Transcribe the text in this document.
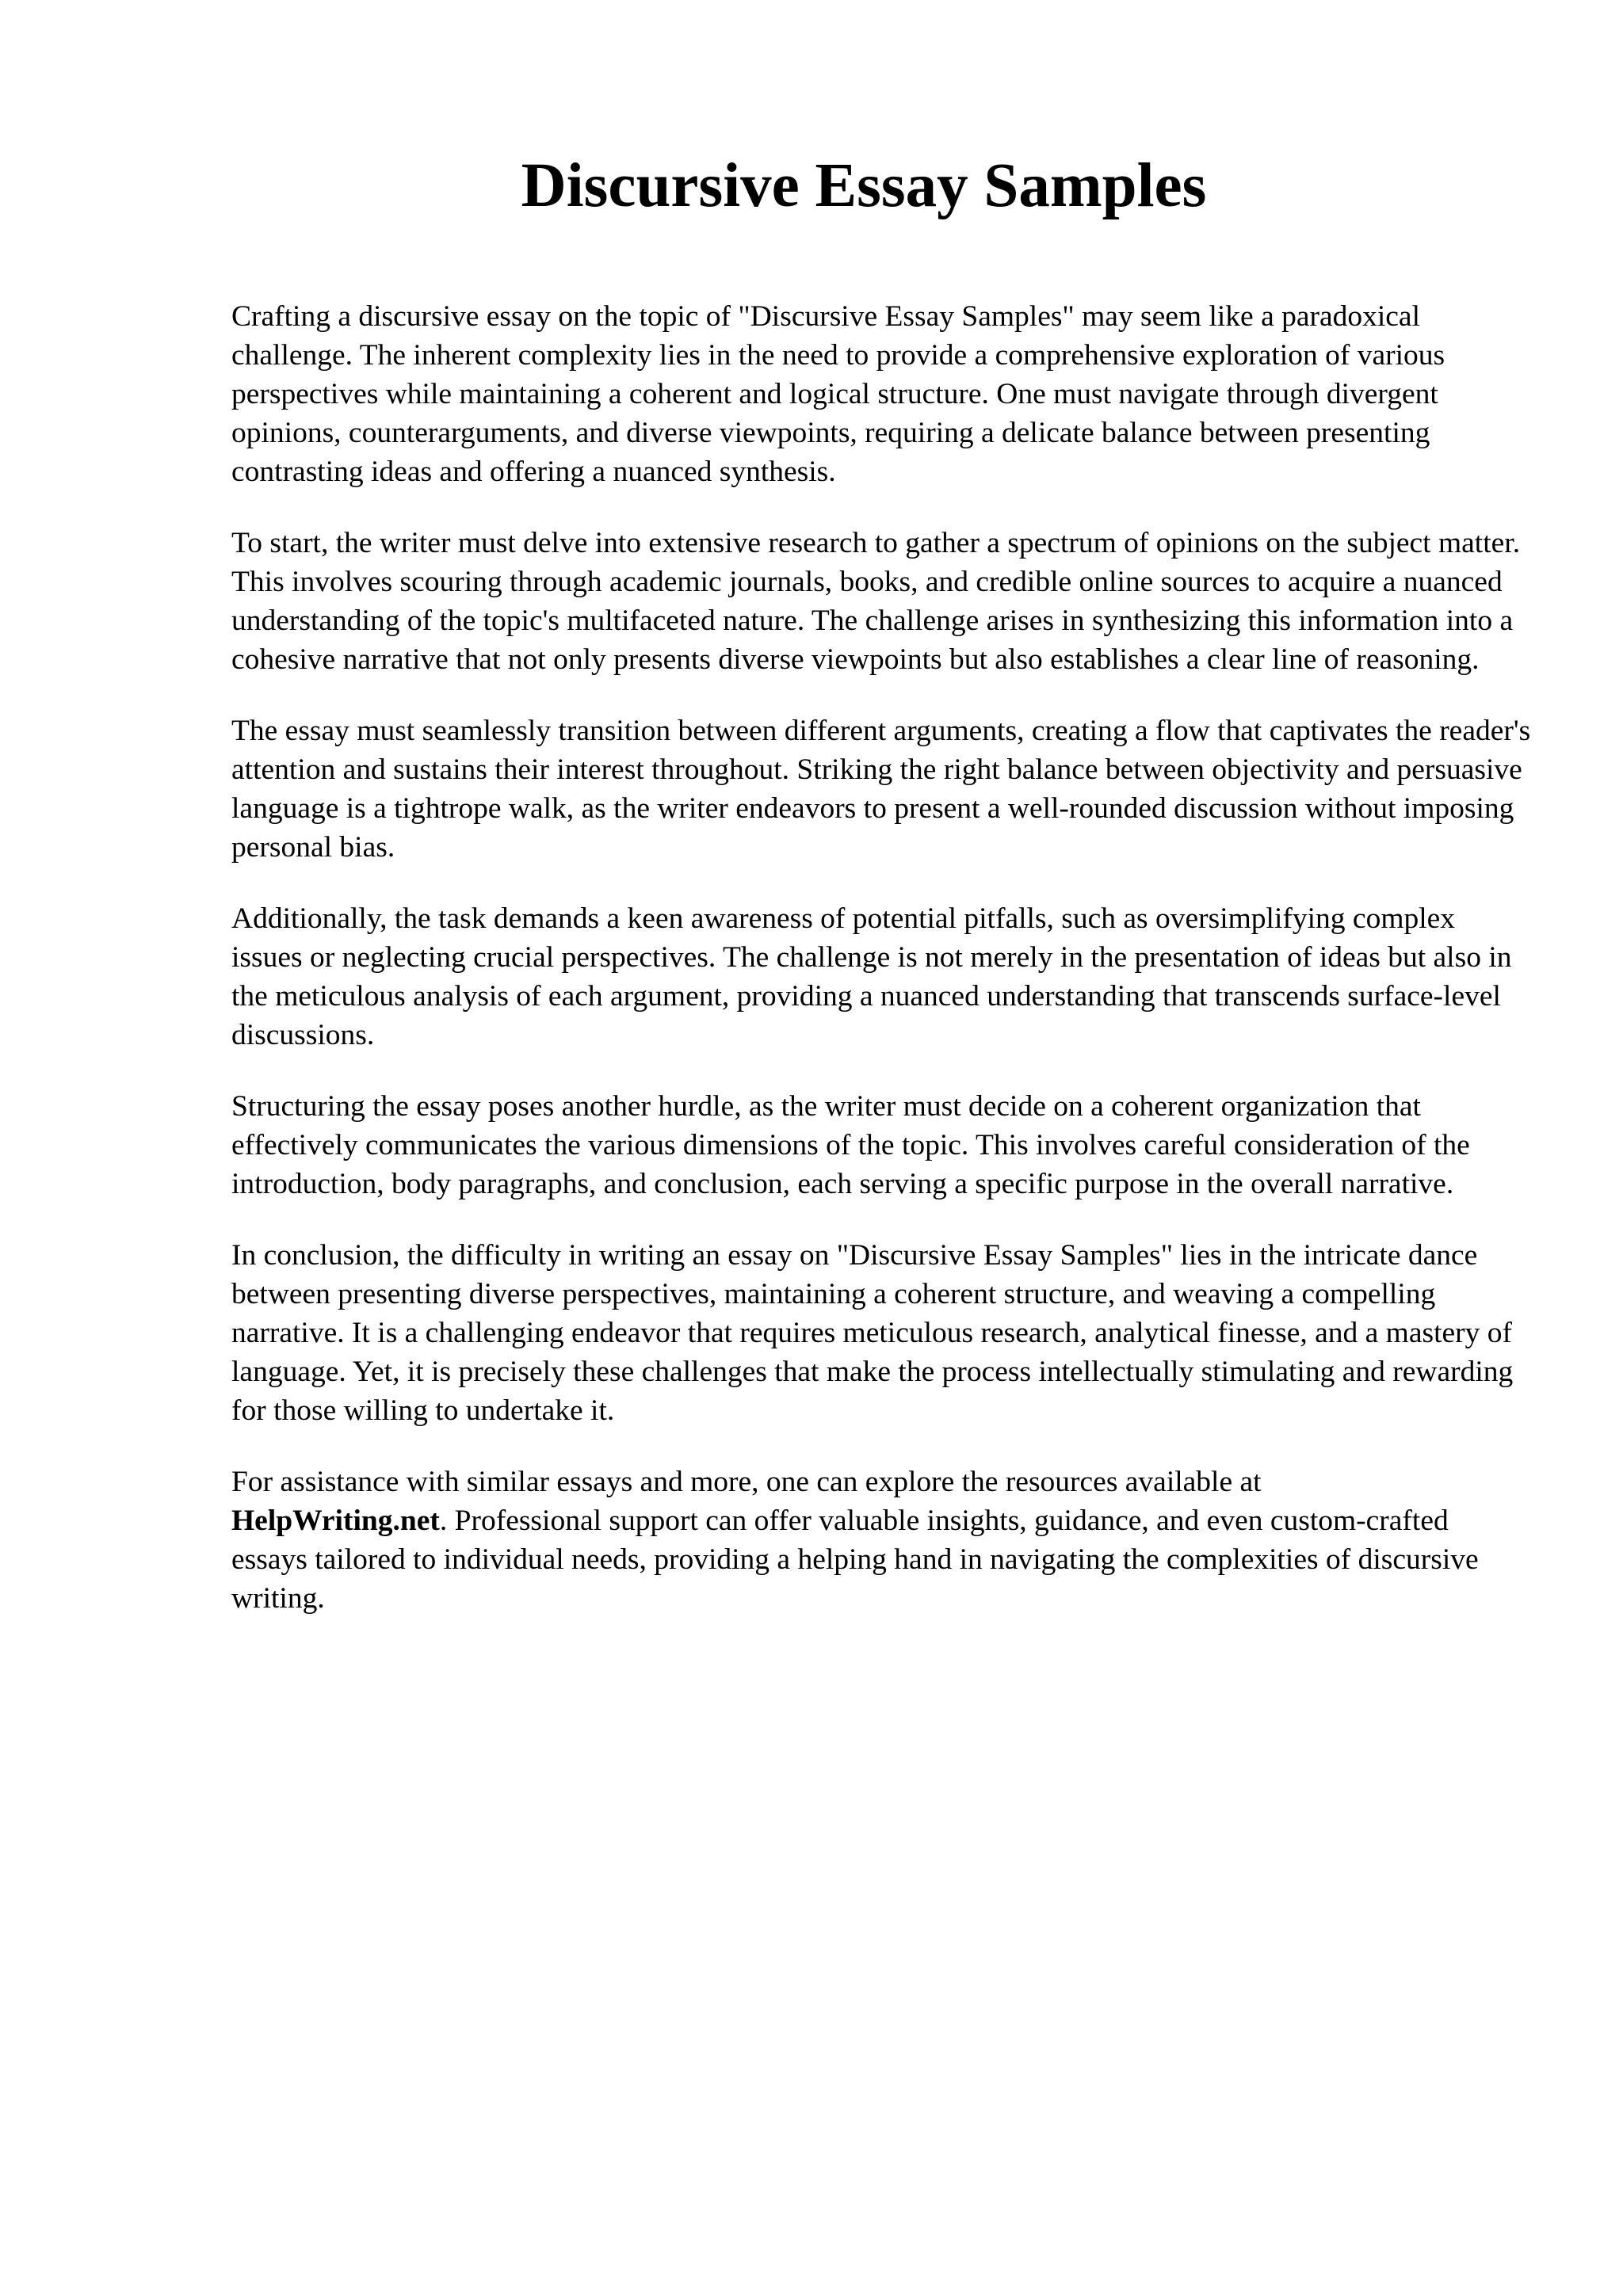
Discursive Essay Samples

Crafting a discursive essay on the topic of "Discursive Essay Samples" may seem like a paradoxical challenge. The inherent complexity lies in the need to provide a comprehensive exploration of various perspectives while maintaining a coherent and logical structure. One must navigate through divergent opinions, counterarguments, and diverse viewpoints, requiring a delicate balance between presenting contrasting ideas and offering a nuanced synthesis.

To start, the writer must delve into extensive research to gather a spectrum of opinions on the subject matter. This involves scouring through academic journals, books, and credible online sources to acquire a nuanced understanding of the topic's multifaceted nature. The challenge arises in synthesizing this information into a cohesive narrative that not only presents diverse viewpoints but also establishes a clear line of reasoning.

The essay must seamlessly transition between different arguments, creating a flow that captivates the reader's attention and sustains their interest throughout. Striking the right balance between objectivity and persuasive language is a tightrope walk, as the writer endeavors to present a well-rounded discussion without imposing personal bias.

Additionally, the task demands a keen awareness of potential pitfalls, such as oversimplifying complex issues or neglecting crucial perspectives. The challenge is not merely in the presentation of ideas but also in the meticulous analysis of each argument, providing a nuanced understanding that transcends surface-level discussions.

Structuring the essay poses another hurdle, as the writer must decide on a coherent organization that effectively communicates the various dimensions of the topic. This involves careful consideration of the introduction, body paragraphs, and conclusion, each serving a specific purpose in the overall narrative.

In conclusion, the difficulty in writing an essay on "Discursive Essay Samples" lies in the intricate dance between presenting diverse perspectives, maintaining a coherent structure, and weaving a compelling narrative. It is a challenging endeavor that requires meticulous research, analytical finesse, and a mastery of language. Yet, it is precisely these challenges that make the process intellectually stimulating and rewarding for those willing to undertake it.

For assistance with similar essays and more, one can explore the resources available at
HelpWriting.net. Professional support can offer valuable insights, guidance, and even custom-crafted essays tailored to individual needs, providing a helping hand in navigating the complexities of discursive writing.
